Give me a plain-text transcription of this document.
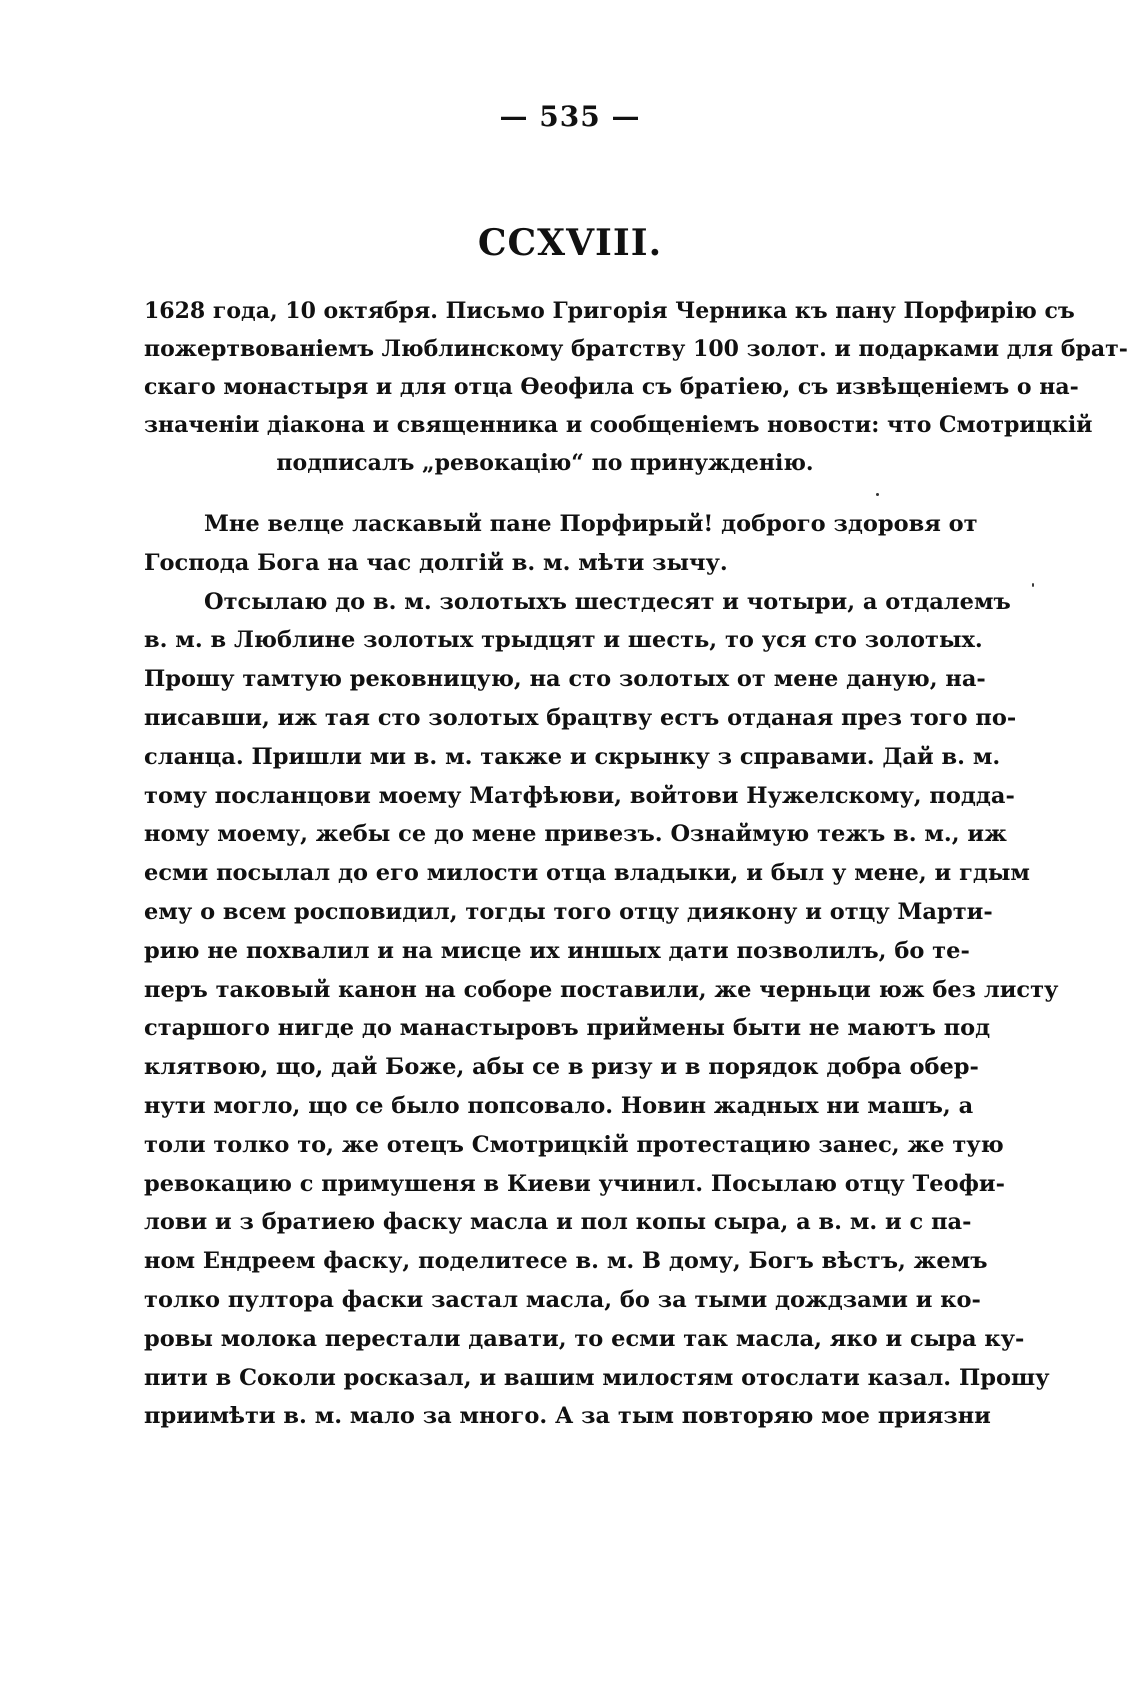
— 535 —
CCXVIII.
1628 года, 10 октября. Письмо Григорія Черника къ пану Порфирію съ
пожертвованіемъ Люблинскому братству 100 золот. и подарками для брат-
скаго монастыря и для отца Ѳеофила съ братіею, съ извѣщеніемъ о на-
значеніи діакона и священника и сообщеніемъ новости: что Смотрицкій
подписалъ „ревокацію“ по принужденію.
Мне велце ласкавый пане Порфирый! доброго здоровя от
Господа Бога на час долгій в. м. мѣти зычу.
Отсылаю до в. м. золотыхъ шестдесят и чотыри, а отдалемъ
в. м. в Люблине золотых трыдцят и шесть, то уся сто золотых.
Прошу тамтую рековницую, на сто золотых от мене даную, на-
писавши, иж тая сто золотых брацтву естъ отданая през того по-
сланца. Пришли ми в. м. также и скрынку з справами. Дай в. м.
тому посланцови моему Матфѣюви, войтови Нужелскому, подда-
ному моему, жебы се до мене привезъ. Ознаймую тежъ в. м., иж
есми посылал до его милости отца владыки, и был у мене, и гдым
ему о всем росповидил, тогды того отцу диякону и отцу Марти-
рию не похвалил и на мисце их иншых дати позволилъ, бо те-
перъ таковый канон на соборе поставили, же черньци юж без листу
старшого нигде до манастыровъ приймены быти не маютъ под
клятвою, що, дай Боже, абы се в ризу и в порядок добра обер-
нути могло, що се было попсовало. Новин жадных ни машъ, а
толи толко то, же отецъ Смотрицкій протестацию занес, же тую
ревокацию с примушеня в Киеви учинил. Посылаю отцу Теофи-
лови и з братиею фаску масла и пол копы сыра, а в. м. и с па-
ном Ендреем фаску, поделитесе в. м. В дому, Богъ вѣстъ, жемъ
толко пултора фаски застал масла, бо за тыми дождзами и ко-
ровы молока перестали давати, то есми так масла, яко и сыра ку-
пити в Соколи росказал, и вашим милостям отослати казал. Прошу
приимѣти в. м. мало за много. А за тым повторяю мое приязни
